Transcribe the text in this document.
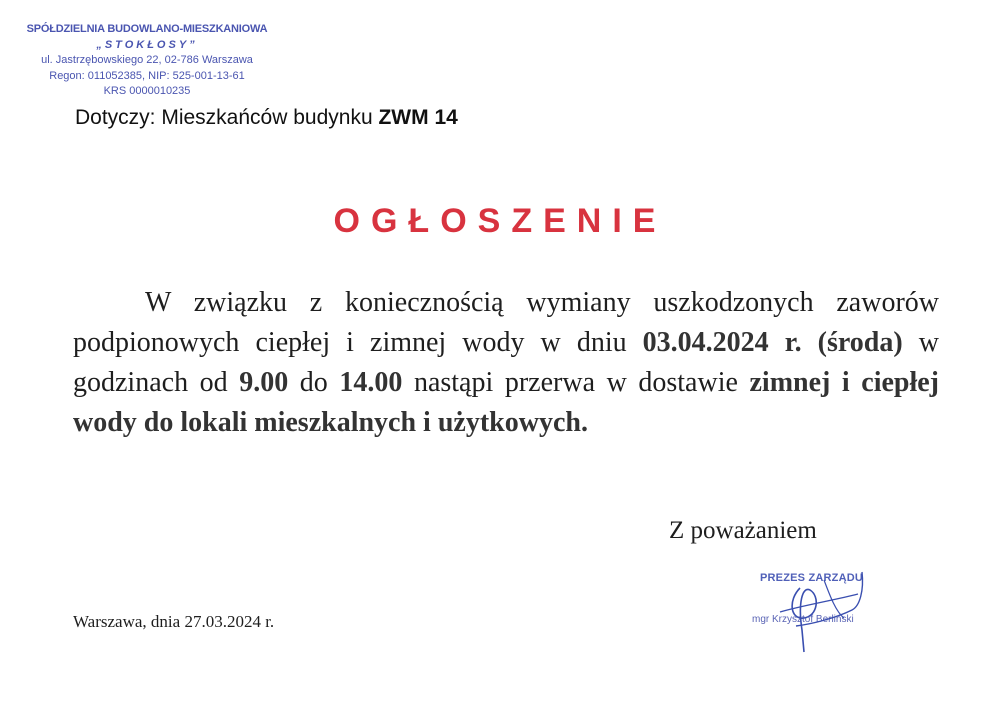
SPÓŁDZIELNIA BUDOWLANO-MIESZKANIOWA
„STOKŁOSY”
ul. Jastrzębowskiego 22, 02-786 Warszawa
Regon: 011052385, NIP: 525-001-13-61
KRS 0000010235
Dotyczy: Mieszkańców budynku ZWM 14
OGŁOSZENIE
W związku z koniecznością wymiany uszkodzonych zaworów podpionowych ciepłej i zimnej wody w dniu 03.04.2024 r. (środa) w godzinach od 9.00 do 14.00 nastąpi przerwa w dostawie zimnej i ciepłej wody do lokali mieszkalnych i użytkowych.
Z poważaniem
PREZES ZARZĄDU
mgr Krzysztof Berliński
Warszawa, dnia 27.03.2024 r.
